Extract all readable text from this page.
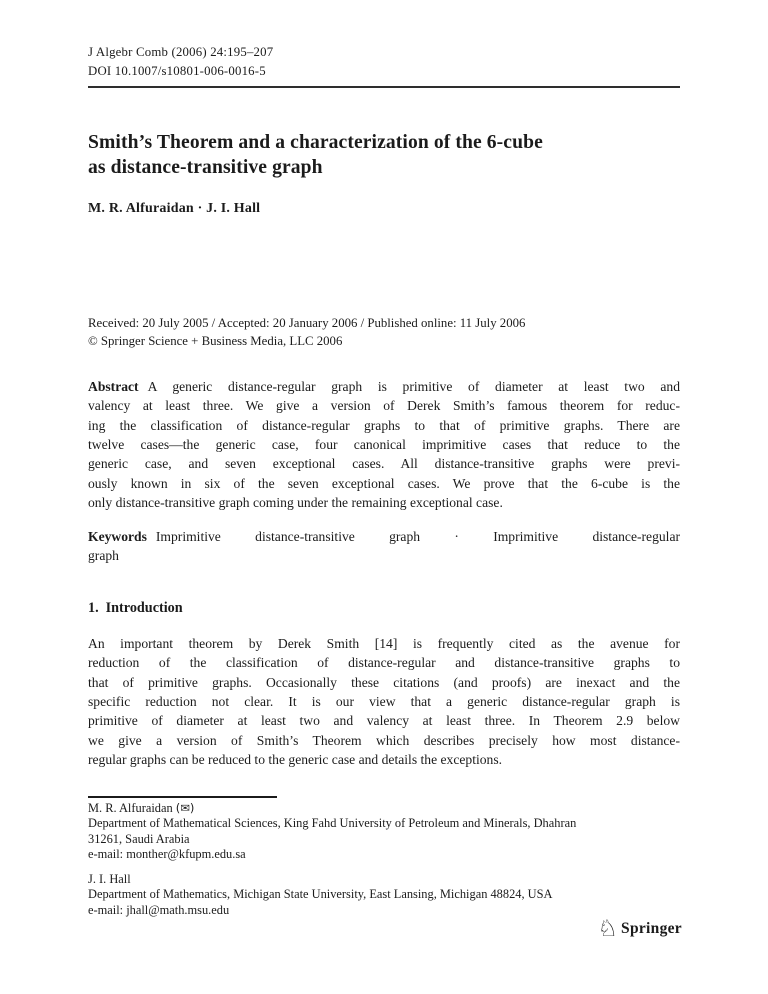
J Algebr Comb (2006) 24:195–207
DOI 10.1007/s10801-006-0016-5
Smith’s Theorem and a characterization of the 6-cube
as distance-transitive graph
M. R. Alfuraidan · J. I. Hall
Received: 20 July 2005 / Accepted: 20 January 2006 / Published online: 11 July 2006
© Springer Science + Business Media, LLC 2006
Abstract A generic distance-regular graph is primitive of diameter at least two and
valency at least three. We give a version of Derek Smith’s famous theorem for reduc-
ing the classification of distance-regular graphs to that of primitive graphs. There are
twelve cases—the generic case, four canonical imprimitive cases that reduce to the
generic case, and seven exceptional cases. All distance-transitive graphs were previ-
ously known in six of the seven exceptional cases. We prove that the 6-cube is the
only distance-transitive graph coming under the remaining exceptional case.
Keywords Imprimitive distance-transitive graph · Imprimitive distance-regular
graph
1. Introduction
An important theorem by Derek Smith [14] is frequently cited as the avenue for
reduction of the classification of distance-regular and distance-transitive graphs to
that of primitive graphs. Occasionally these citations (and proofs) are inexact and the
specific reduction not clear. It is our view that a generic distance-regular graph is
primitive of diameter at least two and valency at least three. In Theorem 2.9 below
we give a version of Smith’s Theorem which describes precisely how most distance-
regular graphs can be reduced to the generic case and details the exceptions.
M. R. Alfuraidan (✉)
Department of Mathematical Sciences, King Fahd University of Petroleum and Minerals, Dhahran
31261, Saudi Arabia
e-mail: monther@kfupm.edu.sa
J. I. Hall
Department of Mathematics, Michigan State University, East Lansing, Michigan 48824, USA
e-mail: jhall@math.msu.edu
♘ Springer
